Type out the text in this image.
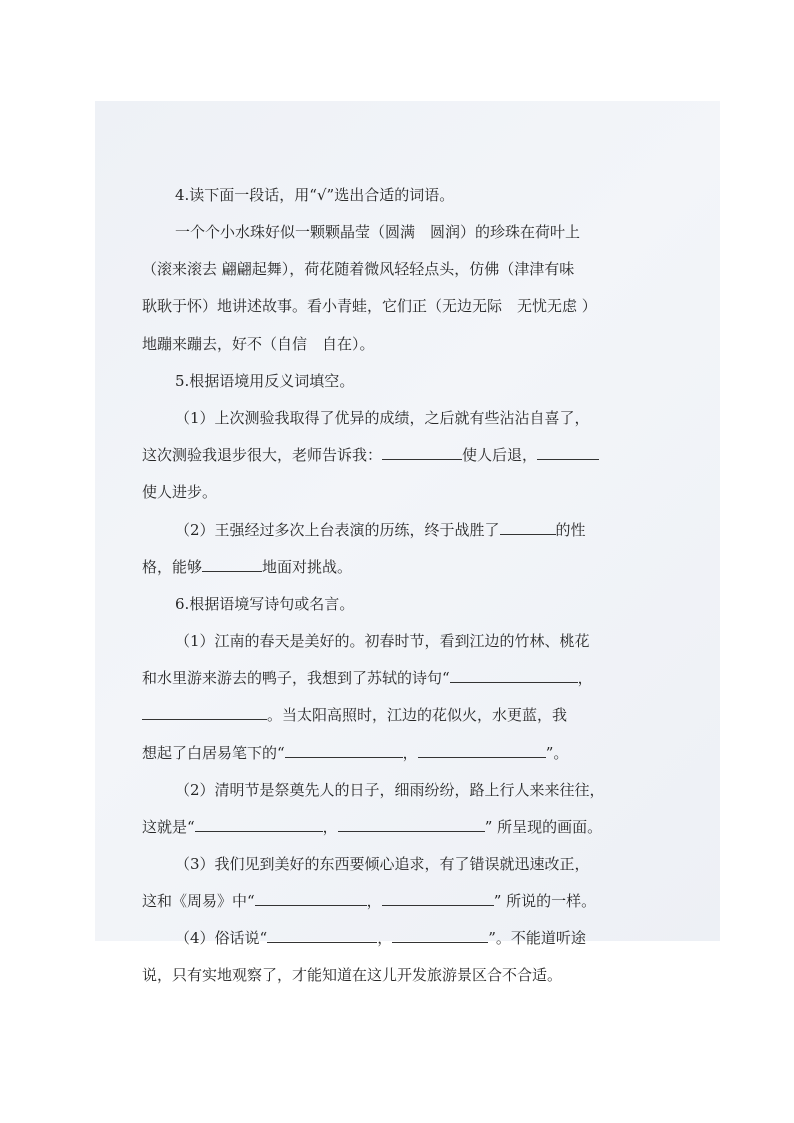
4.读下面一段话，用“√”选出合适的词语。
一个个小水珠好似一颗颗晶莹（圆满　圆润）的珍珠在荷叶上
（滚来滚去 翩翩起舞），荷花随着微风轻轻点头，仿佛（津津有味
耿耿于怀）地讲述故事。看小青蛙，它们正（无边无际　无忧无虑 ）
地蹦来蹦去，好不（自信　自在）。
5.根据语境用反义词填空。
（1）上次测验我取得了优异的成绩，之后就有些沾沾自喜了，
这次测验我退步很大，老师告诉我：	使人后退，
使人进步。
（2）王强经过多次上台表演的历练，终于战胜了	的性
格，能够	地面对挑战。
6.根据语境写诗句或名言。
（1）江南的春天是美好的。初春时节，看到江边的竹林、桃花
和水里游来游去的鸭子，我想到了苏轼的诗句“	，
。当太阳高照时，江边的花似火，水更蓝，我
想起了白居易笔下的“	，	”。
（2）清明节是祭奠先人的日子，细雨纷纷，路上行人来来往往，
这就是“	，	” 所呈现的画面。
（3）我们见到美好的东西要倾心追求，有了错误就迅速改正，
这和《周易》中“	，	” 所说的一样。
（4）俗话说“	，	”。不能道听途
说，只有实地观察了，才能知道在这儿开发旅游景区合不合适。
